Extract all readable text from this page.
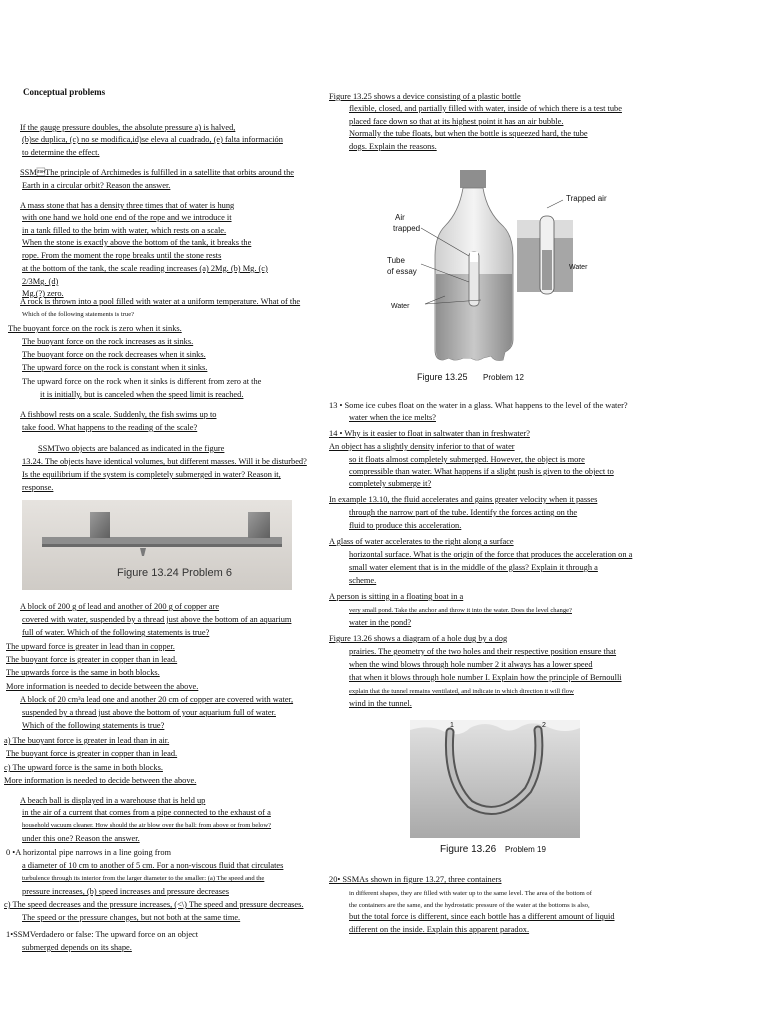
Conceptual problems
If the gauge pressure doubles, the absolute pressure a) is halved,
(b)se duplica, (c) no se modifica,id)se eleva al cuadrado, (e) falta información
to determine the effect.
SSMThe principle of Archimedes is fulfilled in a satellite that orbits around the
Earth in a circular orbit? Reason the answer.
A mass stone that has a density three times that of water is hung
with one hand we hold one end of the rope and we introduce it
in a tank filled to the brim with water, which rests on a scale.
When the stone is exactly above the bottom of the tank, it breaks the
rope. From the moment the rope breaks until the stone rests
at the bottom of the tank, the scale reading increases (a) 2Mg. (b) Mg. (c)
2/3Mg. (d)
Mg.(?) zero.
A rock is thrown into a pool filled with water at a uniform temperature. What of the
Which of the following statements is true?
The buoyant force on the rock is zero when it sinks.
The buoyant force on the rock increases as it sinks.
The buoyant force on the rock decreases when it sinks.
The upward force on the rock is constant when it sinks.
The upward force on the rock when it sinks is different from zero at the
it is initially, but is canceled when the speed limit is reached.
A fishbowl rests on a scale. Suddenly, the fish swims up to
take food. What happens to the reading of the scale?
SSMTwo objects are balanced as indicated in the figure
13.24. The objects have identical volumes, but different masses. Will it be disturbed?
Is the equilibrium if the system is completely submerged in water? Reason it,
response.
Figure 13.24 Problem 6
A block of 200 g of lead and another of 200 g of copper are
covered with water, suspended by a thread just above the bottom of an aquarium
full of water. Which of the following statements is true?
The upward force is greater in lead than in copper.
The buoyant force is greater in copper than in lead.
The upwards force is the same in both blocks.
More information is needed to decide between the above.
A block of 20 cm³a lead one and another 20 cm of copper are covered with water,
suspended by a thread just above the bottom of your aquarium full of water.
Which of the following statements is true?
a) The buoyant force is greater in lead than in air.
The buoyant force is greater in copper than in lead.
c) The upward force is the same in both blocks.
More information is needed to decide between the above.
A beach ball is displayed in a warehouse that is held up
in the air of a current that comes from a pipe connected to the exhaust of a
household vacuum cleaner. How should the air blow over the ball: from above or from below?
under this one? Reason the answer.
0 •A horizontal pipe narrows in a line going from
a diameter of 10 cm to another of 5 cm. For a non-viscous fluid that circulates
turbulence through its interior from the larger diameter to the smaller: (a) The speed and the
pressure increases, (b) speed increases and pressure decreases
c) The speed decreases and the pressure increases, (<\) The speed and pressure decreases.
The speed or the pressure changes, but not both at the same time.
1•SSMVerdadero or false: The upward force on an object
submerged depends on its shape.
Figure 13.25 shows a device consisting of a plastic bottle
flexible, closed, and partially filled with water, inside of which there is a test tube
placed face down so that at its highest point it has an air bubble.
Normally the tube floats, but when the bottle is squeezed hard, the tube
dogs. Explain the reasons.
Trapped air
Air
trapped
Tube
of essay
Water
Water
Figure 13.25 Problem 12
13 • Some ice cubes float on the water in a glass. What happens to the level of the water?
water when the ice melts?
14 • Why is it easier to float in saltwater than in freshwater?
An object has a slightly density inferior to that of water
so it floats almost completely submerged. However, the object is more
compressible than water. What happens if a slight push is given to the object to
completely submerge it?
In example 13.10, the fluid accelerates and gains greater velocity when it passes
through the narrow part of the tube. Identify the forces acting on the
fluid to produce this acceleration.
A glass of water accelerates to the right along a surface
horizontal surface. What is the origin of the force that produces the acceleration on a
small water element that is in the middle of the glass? Explain it through a
scheme.
A person is sitting in a floating boat in a
very small pond. Take the anchor and throw it into the water. Does the level change?
water in the pond?
Figure 13.26 shows a diagram of a hole dug by a dog
prairies. The geometry of the two holes and their respective position ensure that
when the wind blows through hole number 2 it always has a lower speed
that when it blows through hole number I. Explain how the principle of Bernoulli
explain that the tunnel remains ventilated, and indicate in which direction it will flow
wind in the tunnel.
1	2
Figure 13.26 Problem 19
20• SSMAs shown in figure 13.27, three containers
in different shapes, they are filled with water up to the same level. The area of the bottom of
the containers are the same, and the hydrostatic pressure of the water at the bottoms is also,
but the total force is different, since each bottle has a different amount of liquid
different on the inside. Explain this apparent paradox.
